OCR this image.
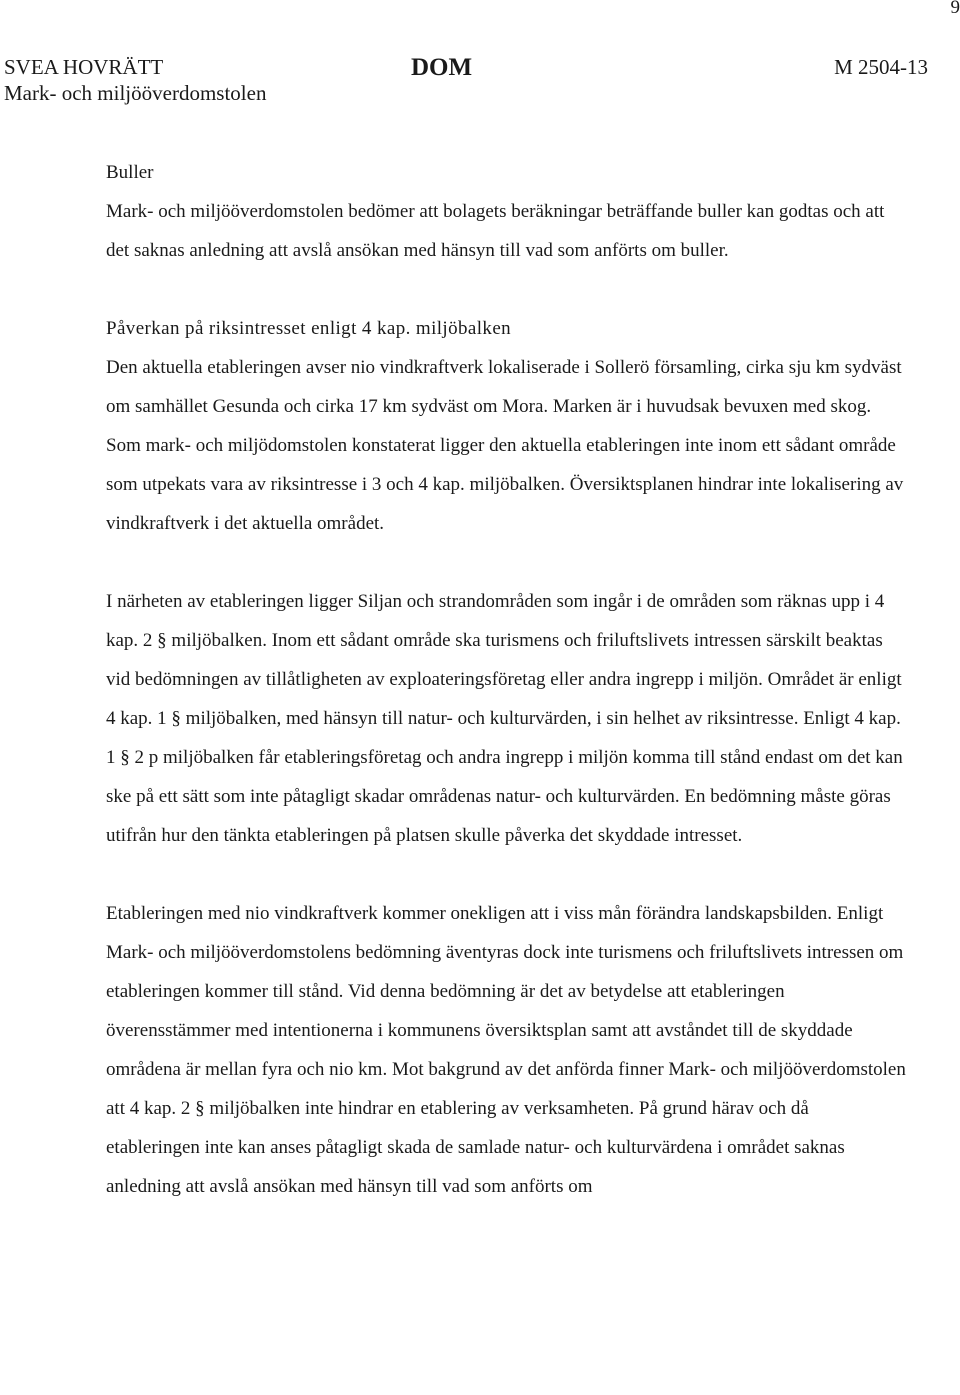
9
SVEA HOVRÄTT
Mark- och miljööverdomstolen
DOM	M 2504-13
Buller

Mark- och miljööverdomstolen bedömer att bolagets beräkningar beträffande buller kan godtas och att det saknas anledning att avslå ansökan med hänsyn till vad som anförts om buller.

Påverkan på riksintresset enligt 4 kap. miljöbalken

Den aktuella etableringen avser nio vindkraftverk lokaliserade i Sollerö församling, cirka sju km sydväst om samhället Gesunda och cirka 17 km sydväst om Mora. Marken är i huvudsak bevuxen med skog. Som mark- och miljödomstolen konstaterat ligger den aktuella etableringen inte inom ett sådant område som utpekats vara av riksintresse i 3 och 4 kap. miljöbalken. Översiktsplanen hindrar inte lokalisering av vindkraftverk i det aktuella området.

I närheten av etableringen ligger Siljan och strandområden som ingår i de områden som räknas upp i 4 kap. 2 § miljöbalken. Inom ett sådant område ska turismens och friluftslivets intressen särskilt beaktas vid bedömningen av tillåtligheten av exploateringsföretag eller andra ingrepp i miljön. Området är enligt 4 kap. 1 § miljöbalken, med hänsyn till natur- och kulturvärden, i sin helhet av riksintresse. Enligt 4 kap. 1 § 2 p miljöbalken får etableringsföretag och andra ingrepp i miljön komma till stånd endast om det kan ske på ett sätt som inte påtagligt skadar områdenas natur- och kulturvärden. En bedömning måste göras utifrån hur den tänkta etableringen på platsen skulle påverka det skyddade intresset.

Etableringen med nio vindkraftverk kommer onekligen att i viss mån förändra landskapsbilden. Enligt Mark- och miljööverdomstolens bedömning äventyras dock inte turismens och friluftslivets intressen om etableringen kommer till stånd. Vid denna bedömning är det av betydelse att etableringen överensstämmer med intentionerna i kommunens översiktsplan samt att avståndet till de skyddade områdena är mellan fyra och nio km. Mot bakgrund av det anförda finner Mark- och miljööverdomstolen att 4 kap. 2 § miljöbalken inte hindrar en etablering av verksamheten. På grund härav och då etableringen inte kan anses påtagligt skada de samlade natur- och kulturvärdena i området saknas anledning att avslå ansökan med hänsyn till vad som anförts om
